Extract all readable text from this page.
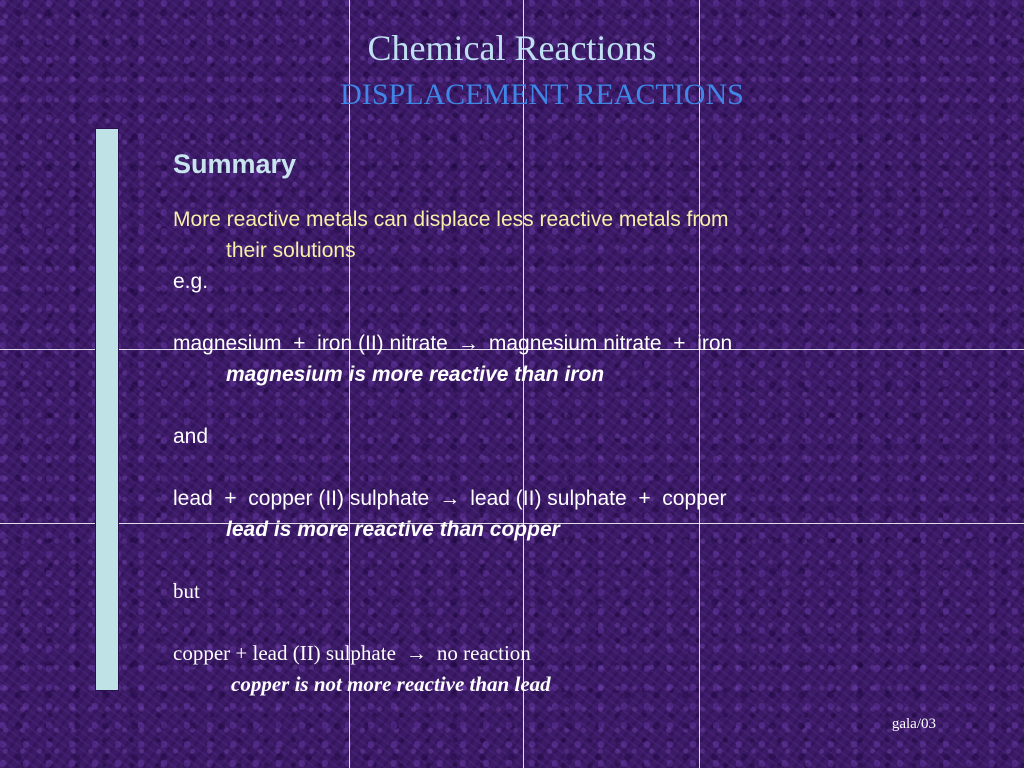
Chemical Reactions
DISPLACEMENT REACTIONS

Summary

More reactive metals can displace less reactive metals from

their solutions

e.g.

magnesium  +  iron (II) nitrate → magnesium nitrate  +  iron

magnesium is more reactive than iron

and

lead  +  copper (II) sulphate → lead (II) sulphate  +  copper

lead is more reactive than copper

but

copper + lead (II) sulphate → no reaction

copper is not more reactive than lead

gala/03
